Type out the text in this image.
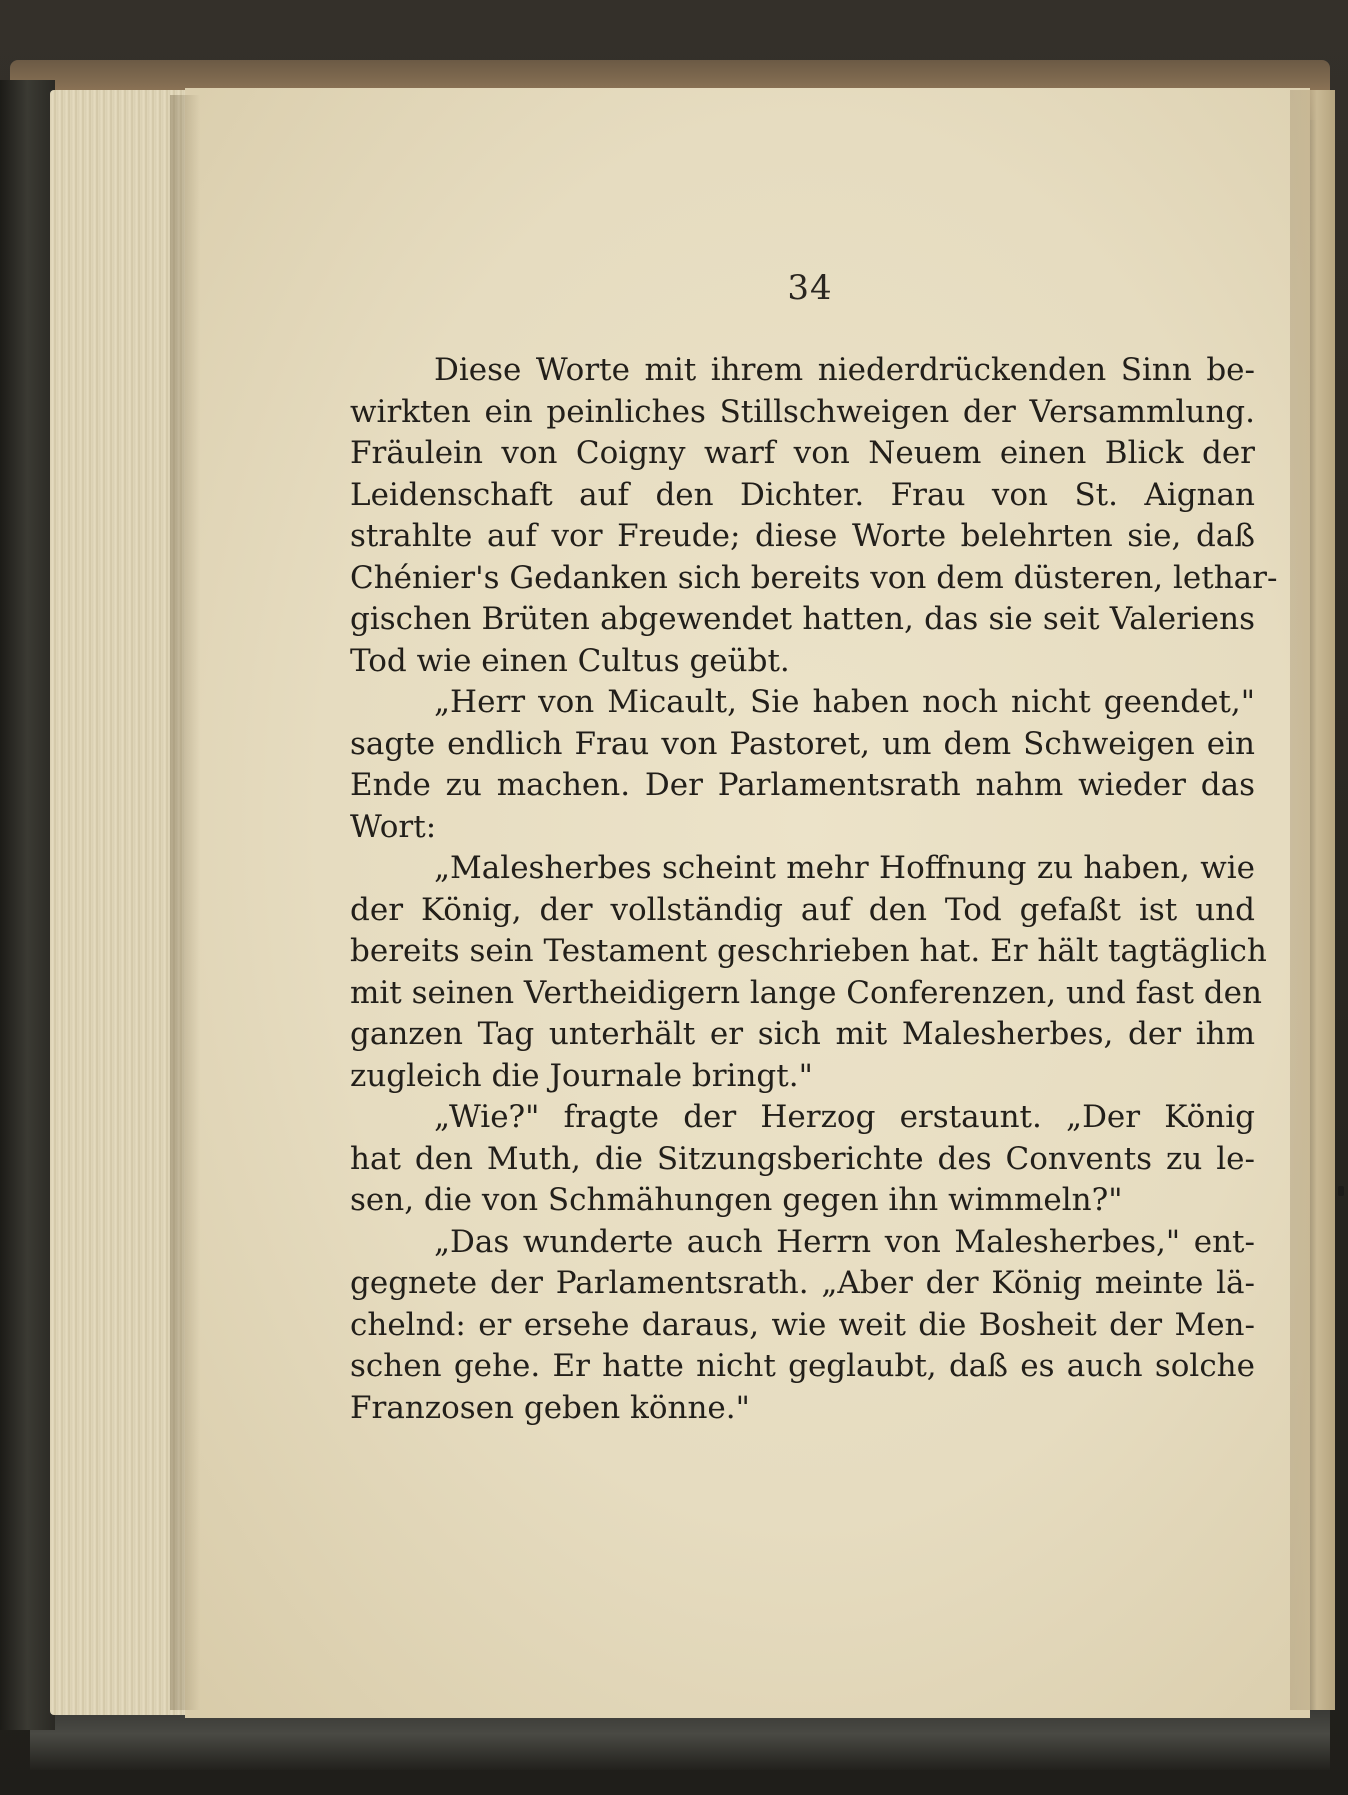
34
Diese Worte mit ihrem niederdrückenden Sinn be-
wirkten ein peinliches Stillschweigen der Versammlung.
Fräulein von Coigny warf von Neuem einen Blick der
Leidenschaft auf den Dichter. Frau von St. Aignan
strahlte auf vor Freude; diese Worte belehrten sie, daß
Chénier's Gedanken sich bereits von dem düsteren, lethar-
gischen Brüten abgewendet hatten, das sie seit Valeriens
Tod wie einen Cultus geübt.
„Herr von Micault, Sie haben noch nicht geendet,"
sagte endlich Frau von Pastoret, um dem Schweigen ein
Ende zu machen. Der Parlamentsrath nahm wieder das
Wort:
„Malesherbes scheint mehr Hoffnung zu haben, wie
der König, der vollständig auf den Tod gefaßt ist und
bereits sein Testament geschrieben hat. Er hält tagtäglich
mit seinen Vertheidigern lange Conferenzen, und fast den
ganzen Tag unterhält er sich mit Malesherbes, der ihm
zugleich die Journale bringt."
„Wie?" fragte der Herzog erstaunt. „Der König
hat den Muth, die Sitzungsberichte des Convents zu le-
sen, die von Schmähungen gegen ihn wimmeln?"
„Das wunderte auch Herrn von Malesherbes," ent-
gegnete der Parlamentsrath. „Aber der König meinte lä-
chelnd: er ersehe daraus, wie weit die Bosheit der Men-
schen gehe. Er hatte nicht geglaubt, daß es auch solche
Franzosen geben könne."
